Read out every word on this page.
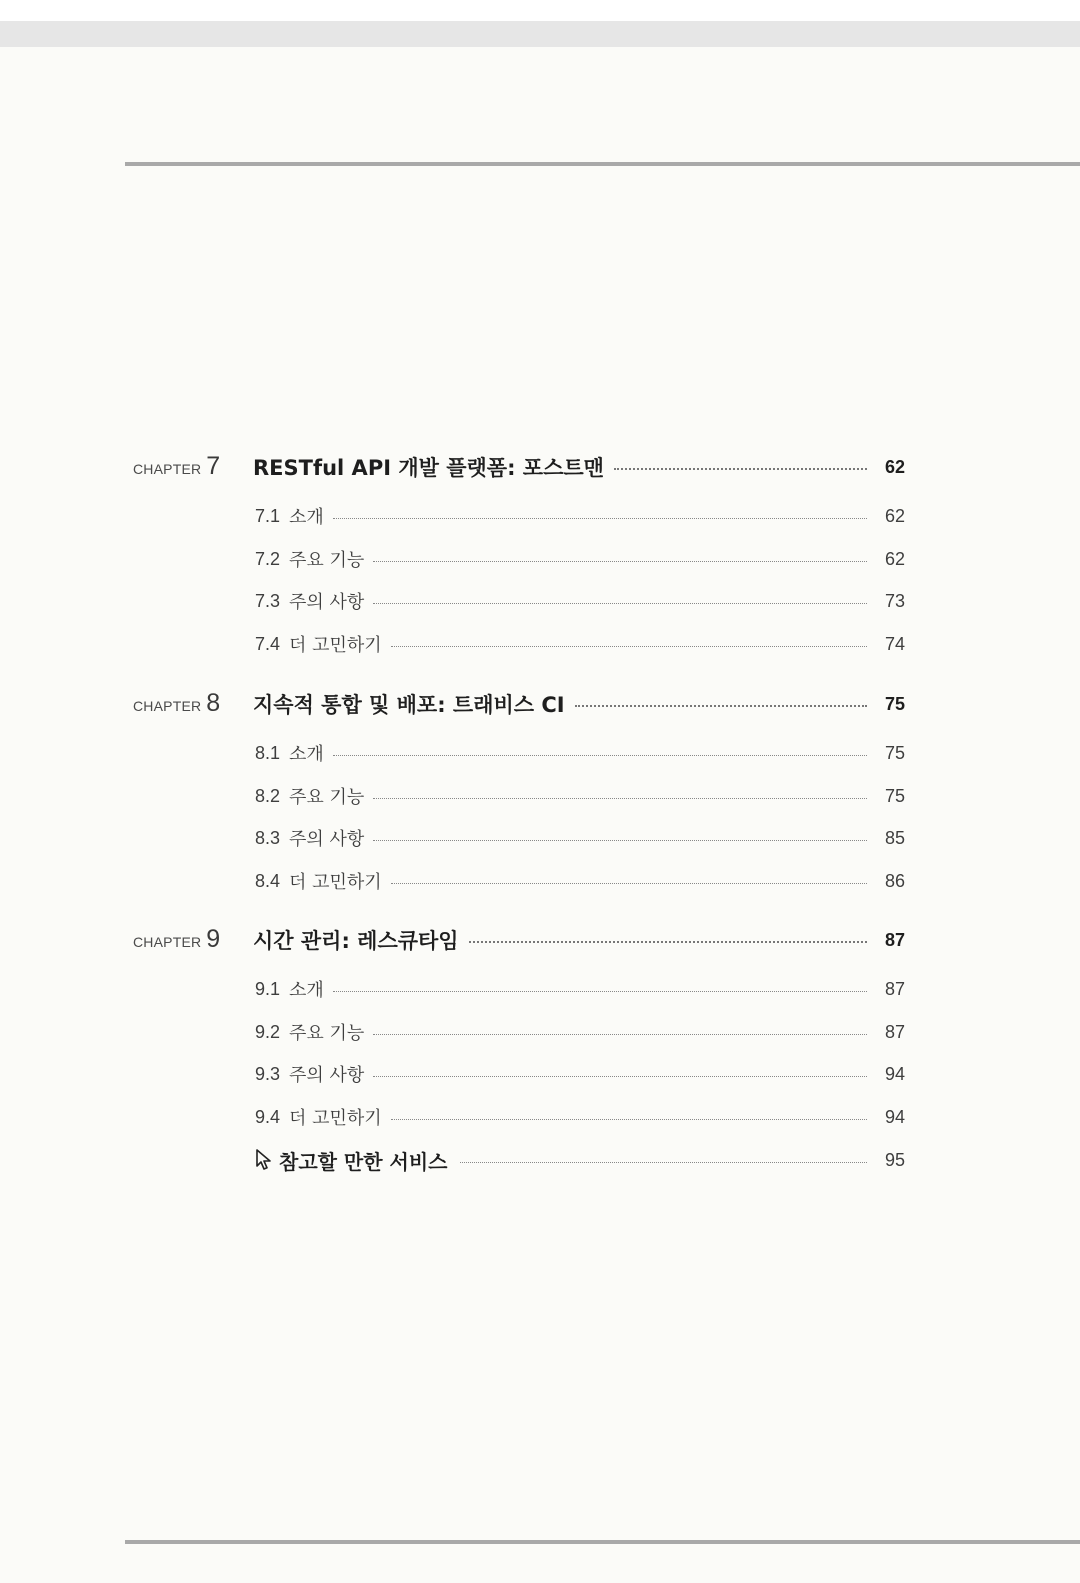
CHAPTER 7 RESTful API 개발 플랫폼: 포스트맨	62
7.1 소개	62
7.2 주요 기능	62
7.3 주의 사항	73
7.4 더 고민하기	74
CHAPTER 8 지속적 통합 및 배포: 트래비스 CI	75
8.1 소개	75
8.2 주요 기능	75
8.3 주의 사항	85
8.4 더 고민하기	86
CHAPTER 9 시간 관리: 레스큐타임	87
9.1 소개	87
9.2 주요 기능	87
9.3 주의 사항	94
9.4 더 고민하기	94
참고할 만한 서비스	95
